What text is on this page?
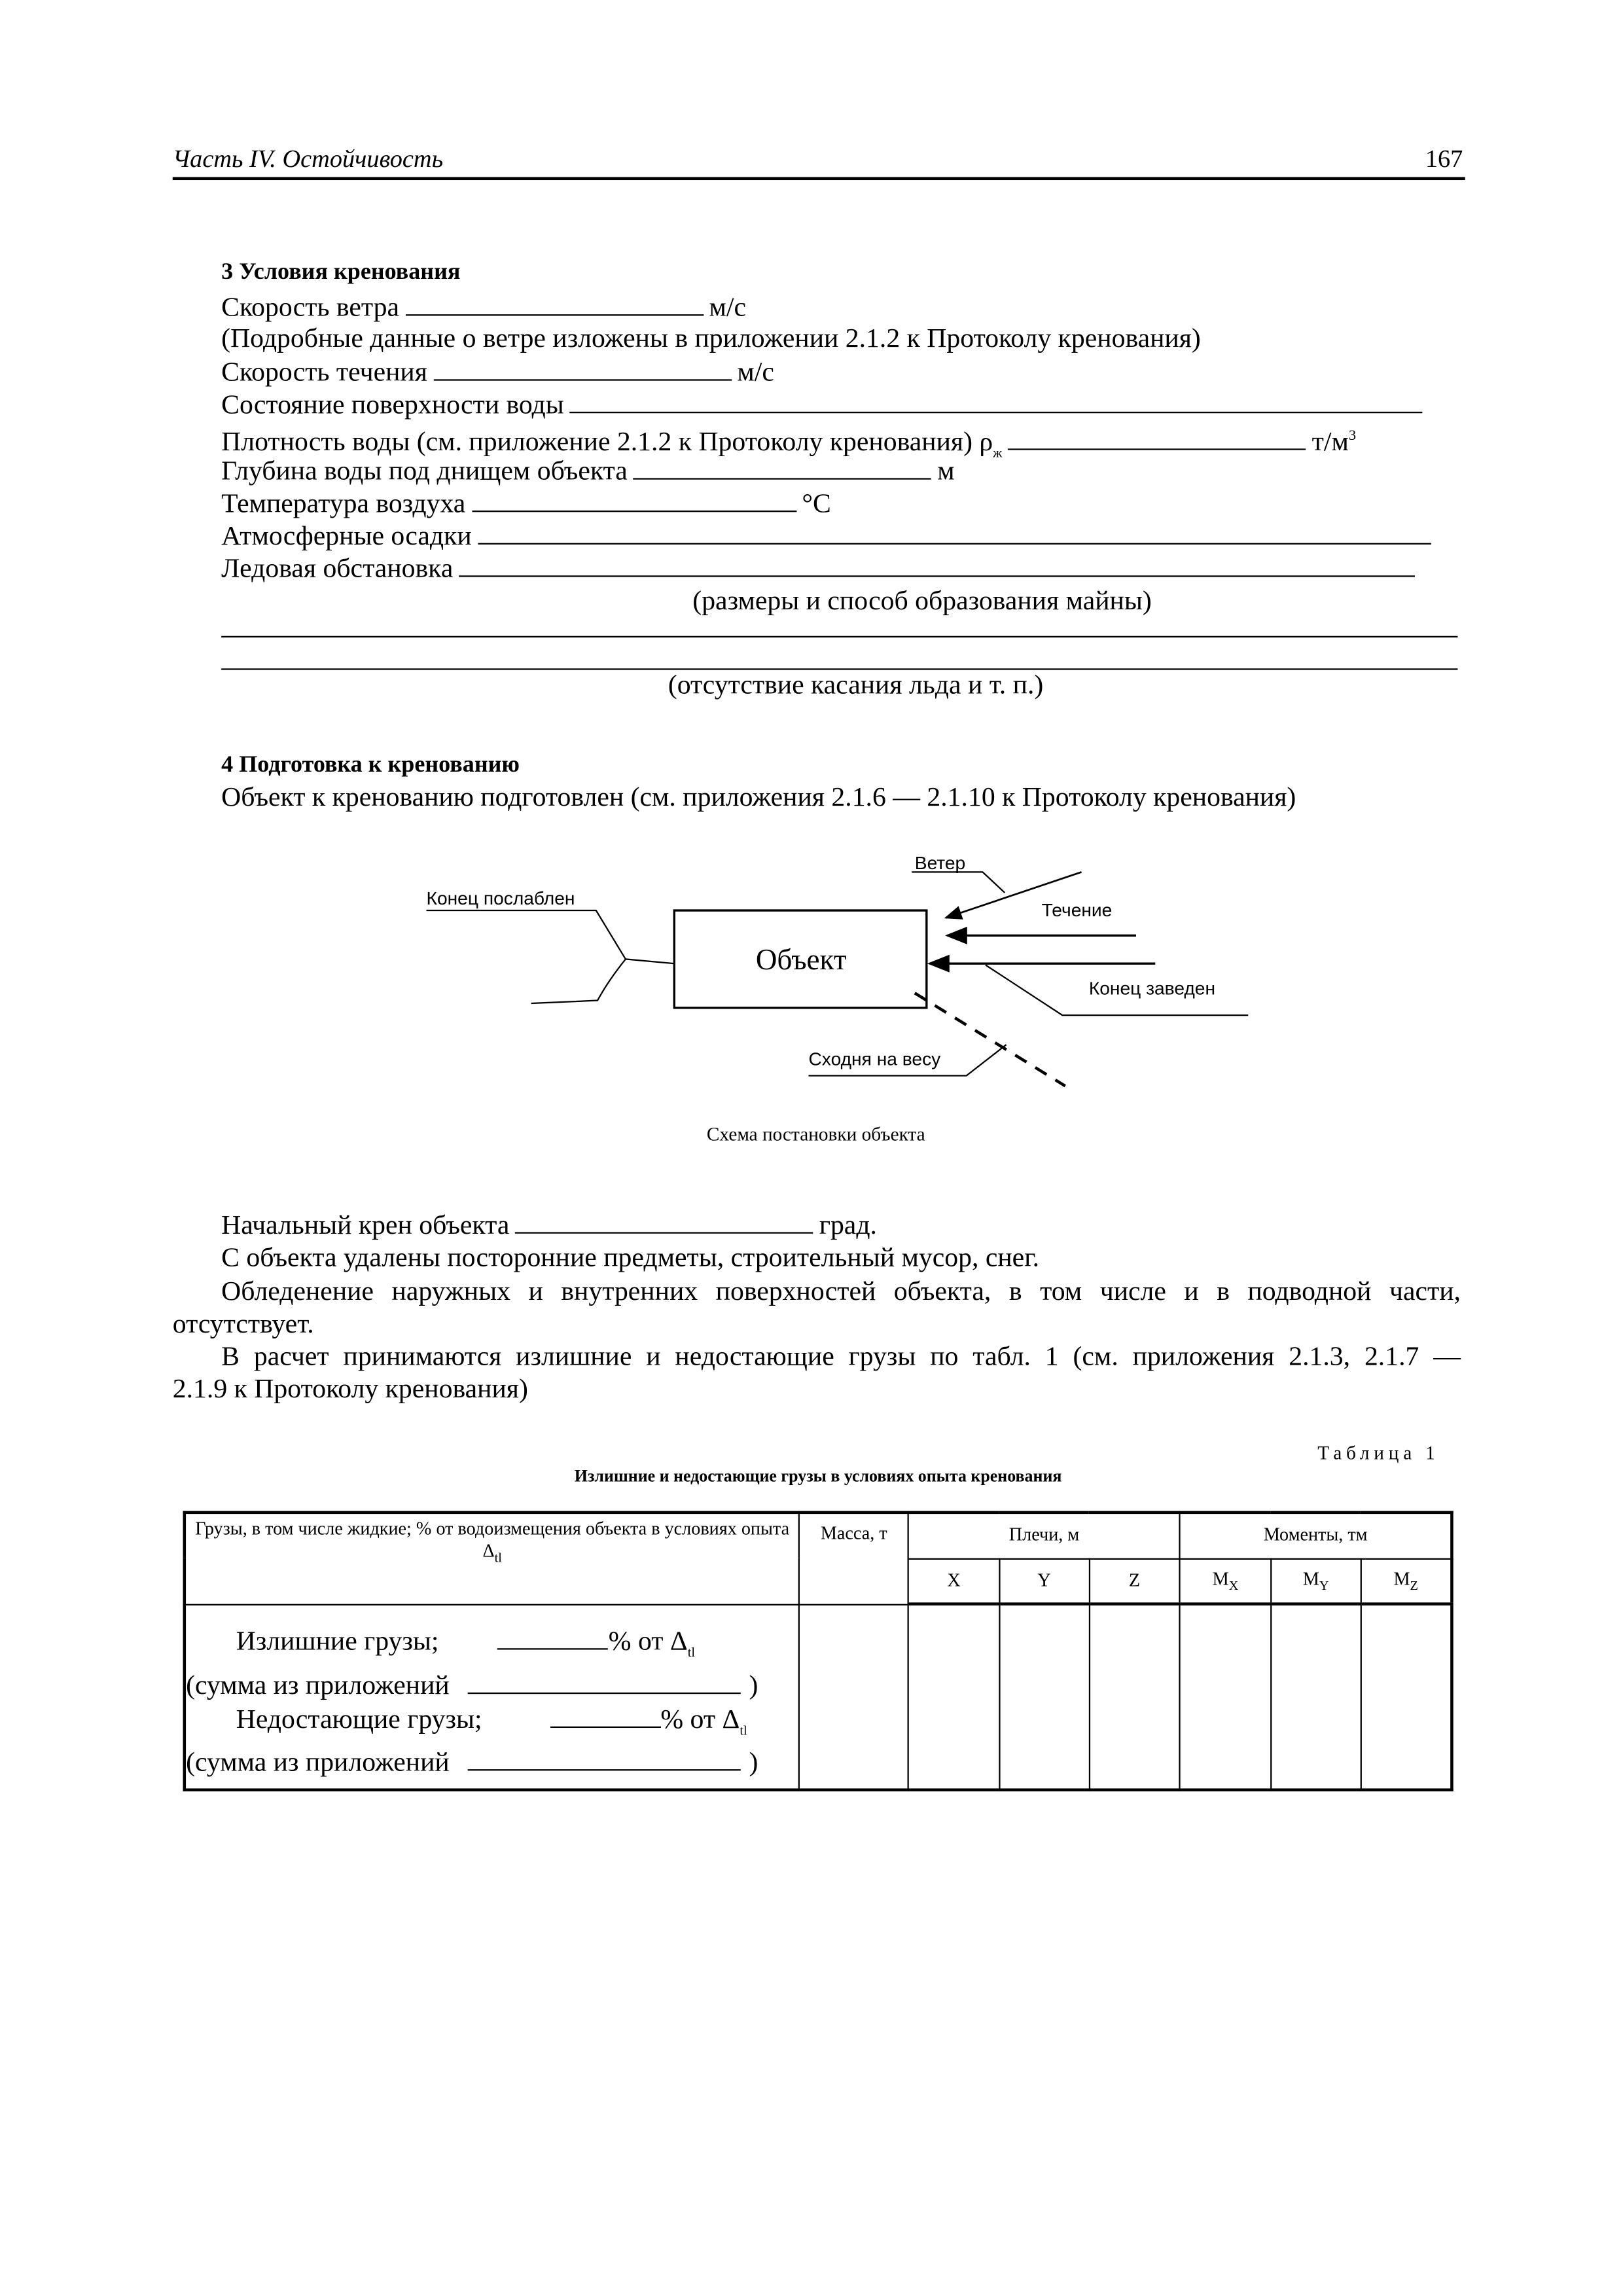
Часть IV. Остойчивость	167
3 Условия кренования
Скорость ветра	м/с
(Подробные данные о ветре изложены в приложении 2.1.2 к Протоколу кренования)
Скорость течения	м/с
Состояние поверхности воды
Плотность воды (см. приложение 2.1.2 к Протоколу кренования) $\rho_ж$	$т/м^3$
Глубина воды под днищем объекта	м
Температура воздуха	°C
Атмосферные осадки
Ледовая обстановка
(размеры и способ образования майны)
(отсутствие касания льда и т. п.)
4 Подготовка к кренованию
Объект к кренованию подготовлен (см. приложения 2.1.6 — 2.1.10 к Протоколу кренования)
Объект
Конец послаблен
Ветер
Течение
Конец заведен
Сходня на весу
Схема постановки объекта
Начальный крен объекта	град.
С объекта удалены посторонние предметы, строительный мусор, снег.
Обледенение наружных и внутренних поверхностей объекта, в том числе и в подводной части,
отсутствует.
В расчет принимаются излишние и недостающие грузы по табл. 1 (см. приложения 2.1.3, 2.1.7 —
2.1.9 к Протоколу кренования)
Таблица 1
Излишние и недостающие грузы в условиях опыта кренования
Грузы, в том числе жидкие; % от водоизмещения объекта в условиях опыта $\Delta_{tl}$	Масса, т	Плечи, м			Моменты, тм		
		X	Y	Z	$M_X$	$M_Y$	$M_Z$

Излишние грузы; % от $\Delta_{tl}$
(сумма из приложений )
Недостающие грузы; % от $\Delta_{tl}$
(сумма из приложений )							
